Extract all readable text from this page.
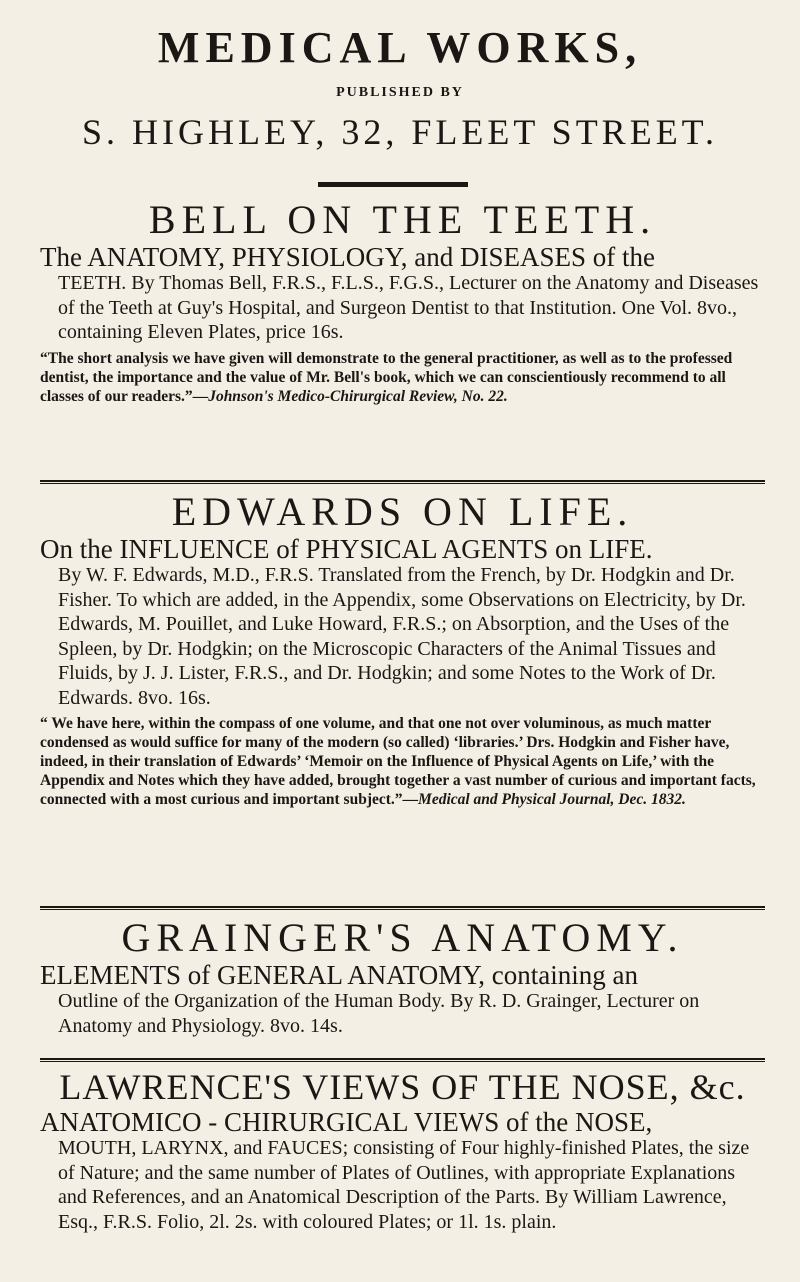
MEDICAL WORKS,
PUBLISHED BY
S. HIGHLEY, 32, FLEET STREET.
BELL ON THE TEETH.

The ANATOMY, PHYSIOLOGY, and DISEASES of the

TEETH. By Thomas Bell, F.R.S., F.L.S., F.G.S., Lecturer on the Anatomy and Diseases of the Teeth at Guy's Hospital, and Surgeon Dentist to that Institution. One Vol. 8vo., containing Eleven Plates, price 16s.

“The short analysis we have given will demonstrate to the general practitioner, as well as to the professed dentist, the importance and the value of Mr. Bell's book, which we can conscientiously recommend to all classes of our readers.”—Johnson's Medico-Chirurgical Review, No. 22.

EDWARDS ON LIFE.

On the INFLUENCE of PHYSICAL AGENTS on LIFE.

By W. F. Edwards, M.D., F.R.S. Translated from the French, by Dr. Hodgkin and Dr. Fisher. To which are added, in the Appendix, some Observations on Electricity, by Dr. Edwards, M. Pouillet, and Luke Howard, F.R.S.; on Absorption, and the Uses of the Spleen, by Dr. Hodgkin; on the Microscopic Characters of the Animal Tissues and Fluids, by J. J. Lister, F.R.S., and Dr. Hodgkin; and some Notes to the Work of Dr. Edwards. 8vo. 16s.

“ We have here, within the compass of one volume, and that one not over voluminous, as much matter condensed as would suffice for many of the modern (so called) ‘libraries.’ Drs. Hodgkin and Fisher have, indeed, in their translation of Edwards’ ‘Memoir on the Influence of Physical Agents on Life,’ with the Appendix and Notes which they have added, brought together a vast number of curious and important facts, connected with a most curious and important subject.”—Medical and Physical Journal, Dec. 1832.

GRAINGER'S ANATOMY.

ELEMENTS of GENERAL ANATOMY, containing an

Outline of the Organization of the Human Body. By R. D. Grainger, Lecturer on Anatomy and Physiology. 8vo. 14s.

LAWRENCE'S VIEWS OF THE NOSE, &c.

ANATOMICO - CHIRURGICAL VIEWS of the NOSE,

MOUTH, LARYNX, and FAUCES; consisting of Four highly-finished Plates, the size of Nature; and the same number of Plates of Outlines, with appropriate Explanations and References, and an Anatomical Description of the Parts. By William Lawrence, Esq., F.R.S. Folio, 2l. 2s. with coloured Plates; or 1l. 1s. plain.
